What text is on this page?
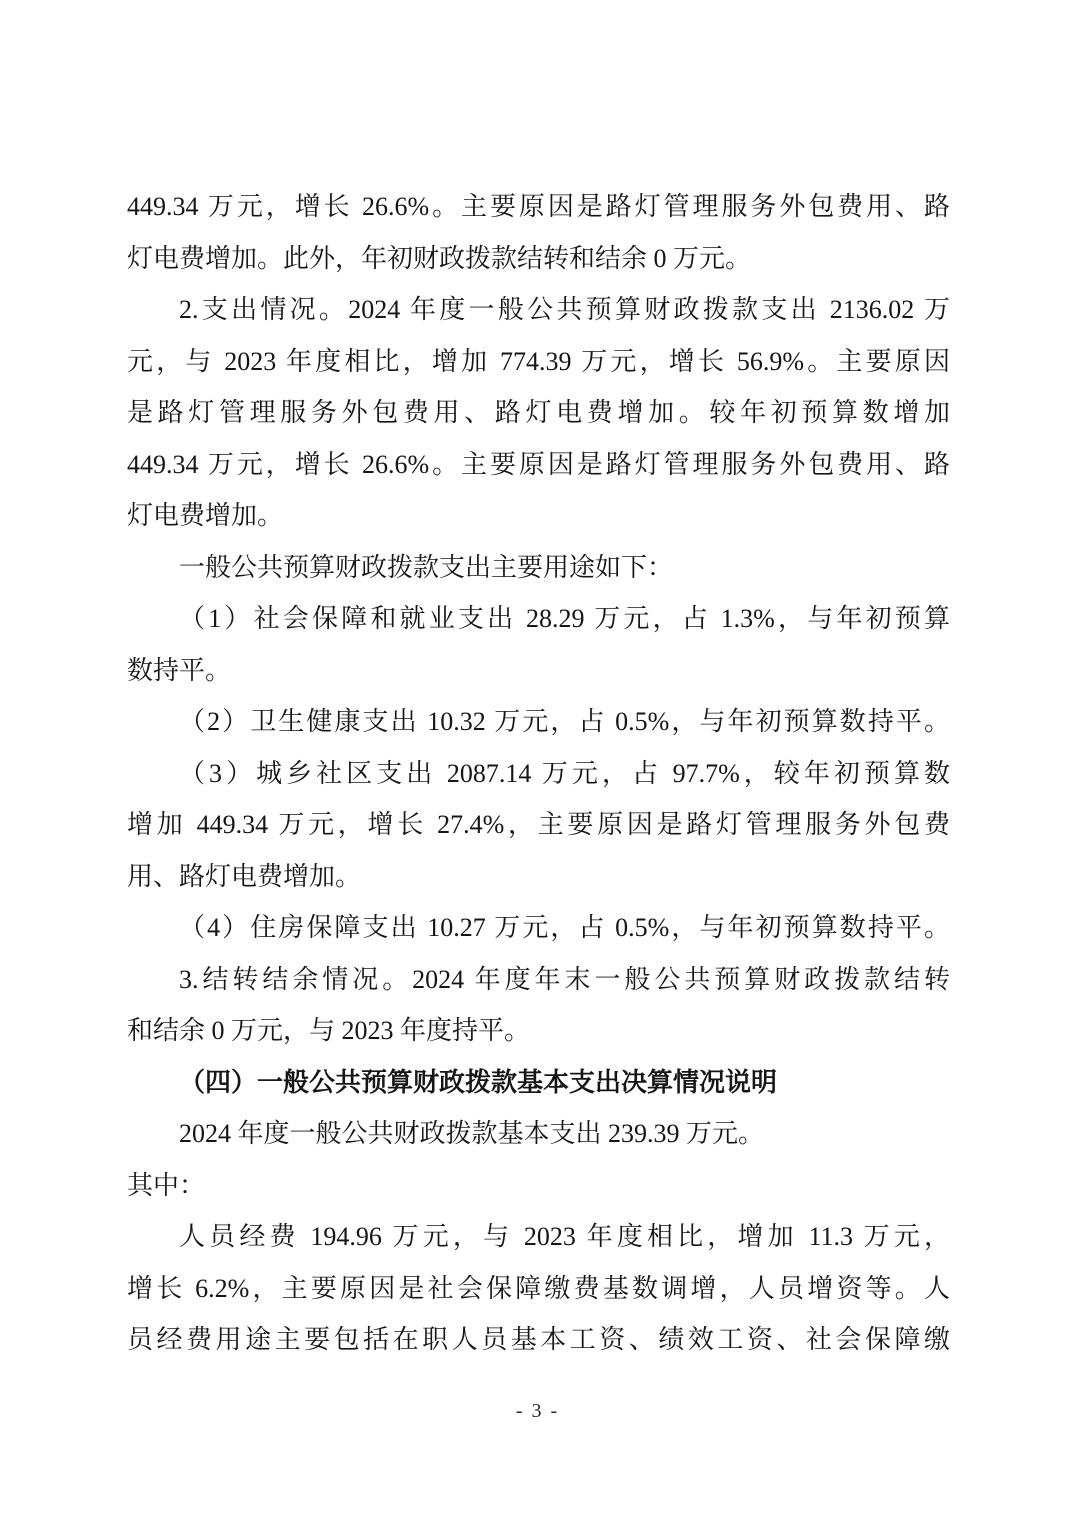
449.34 万元，增长 26.6%。主要原因是路灯管理服务外包费用、路
灯电费增加。此外，年初财政拨款结转和结余 0 万元。
2.支出情况。2024 年度一般公共预算财政拨款支出 2136.02 万
元，与 2023 年度相比，增加 774.39 万元，增长 56.9%。主要原因
是路灯管理服务外包费用、路灯电费增加。较年初预算数增加
449.34 万元，增长 26.6%。主要原因是路灯管理服务外包费用、路
灯电费增加。
一般公共预算财政拨款支出主要用途如下：
（1）社会保障和就业支出 28.29 万元，占 1.3%，与年初预算
数持平。
（2）卫生健康支出 10.32 万元，占 0.5%，与年初预算数持平。
（3）城乡社区支出 2087.14 万元，占 97.7%，较年初预算数
增加 449.34 万元，增长 27.4%，主要原因是路灯管理服务外包费
用、路灯电费增加。
（4）住房保障支出 10.27 万元，占 0.5%，与年初预算数持平。
3.结转结余情况。2024 年度年末一般公共预算财政拨款结转
和结余 0 万元，与 2023 年度持平。
（四）一般公共预算财政拨款基本支出决算情况说明
2024 年度一般公共财政拨款基本支出 239.39 万元。
其中：
人员经费 194.96 万元，与 2023 年度相比，增加 11.3 万元，
增长 6.2%，主要原因是社会保障缴费基数调增，人员增资等。人
员经费用途主要包括在职人员基本工资、绩效工资、社会保障缴
- 3 -
